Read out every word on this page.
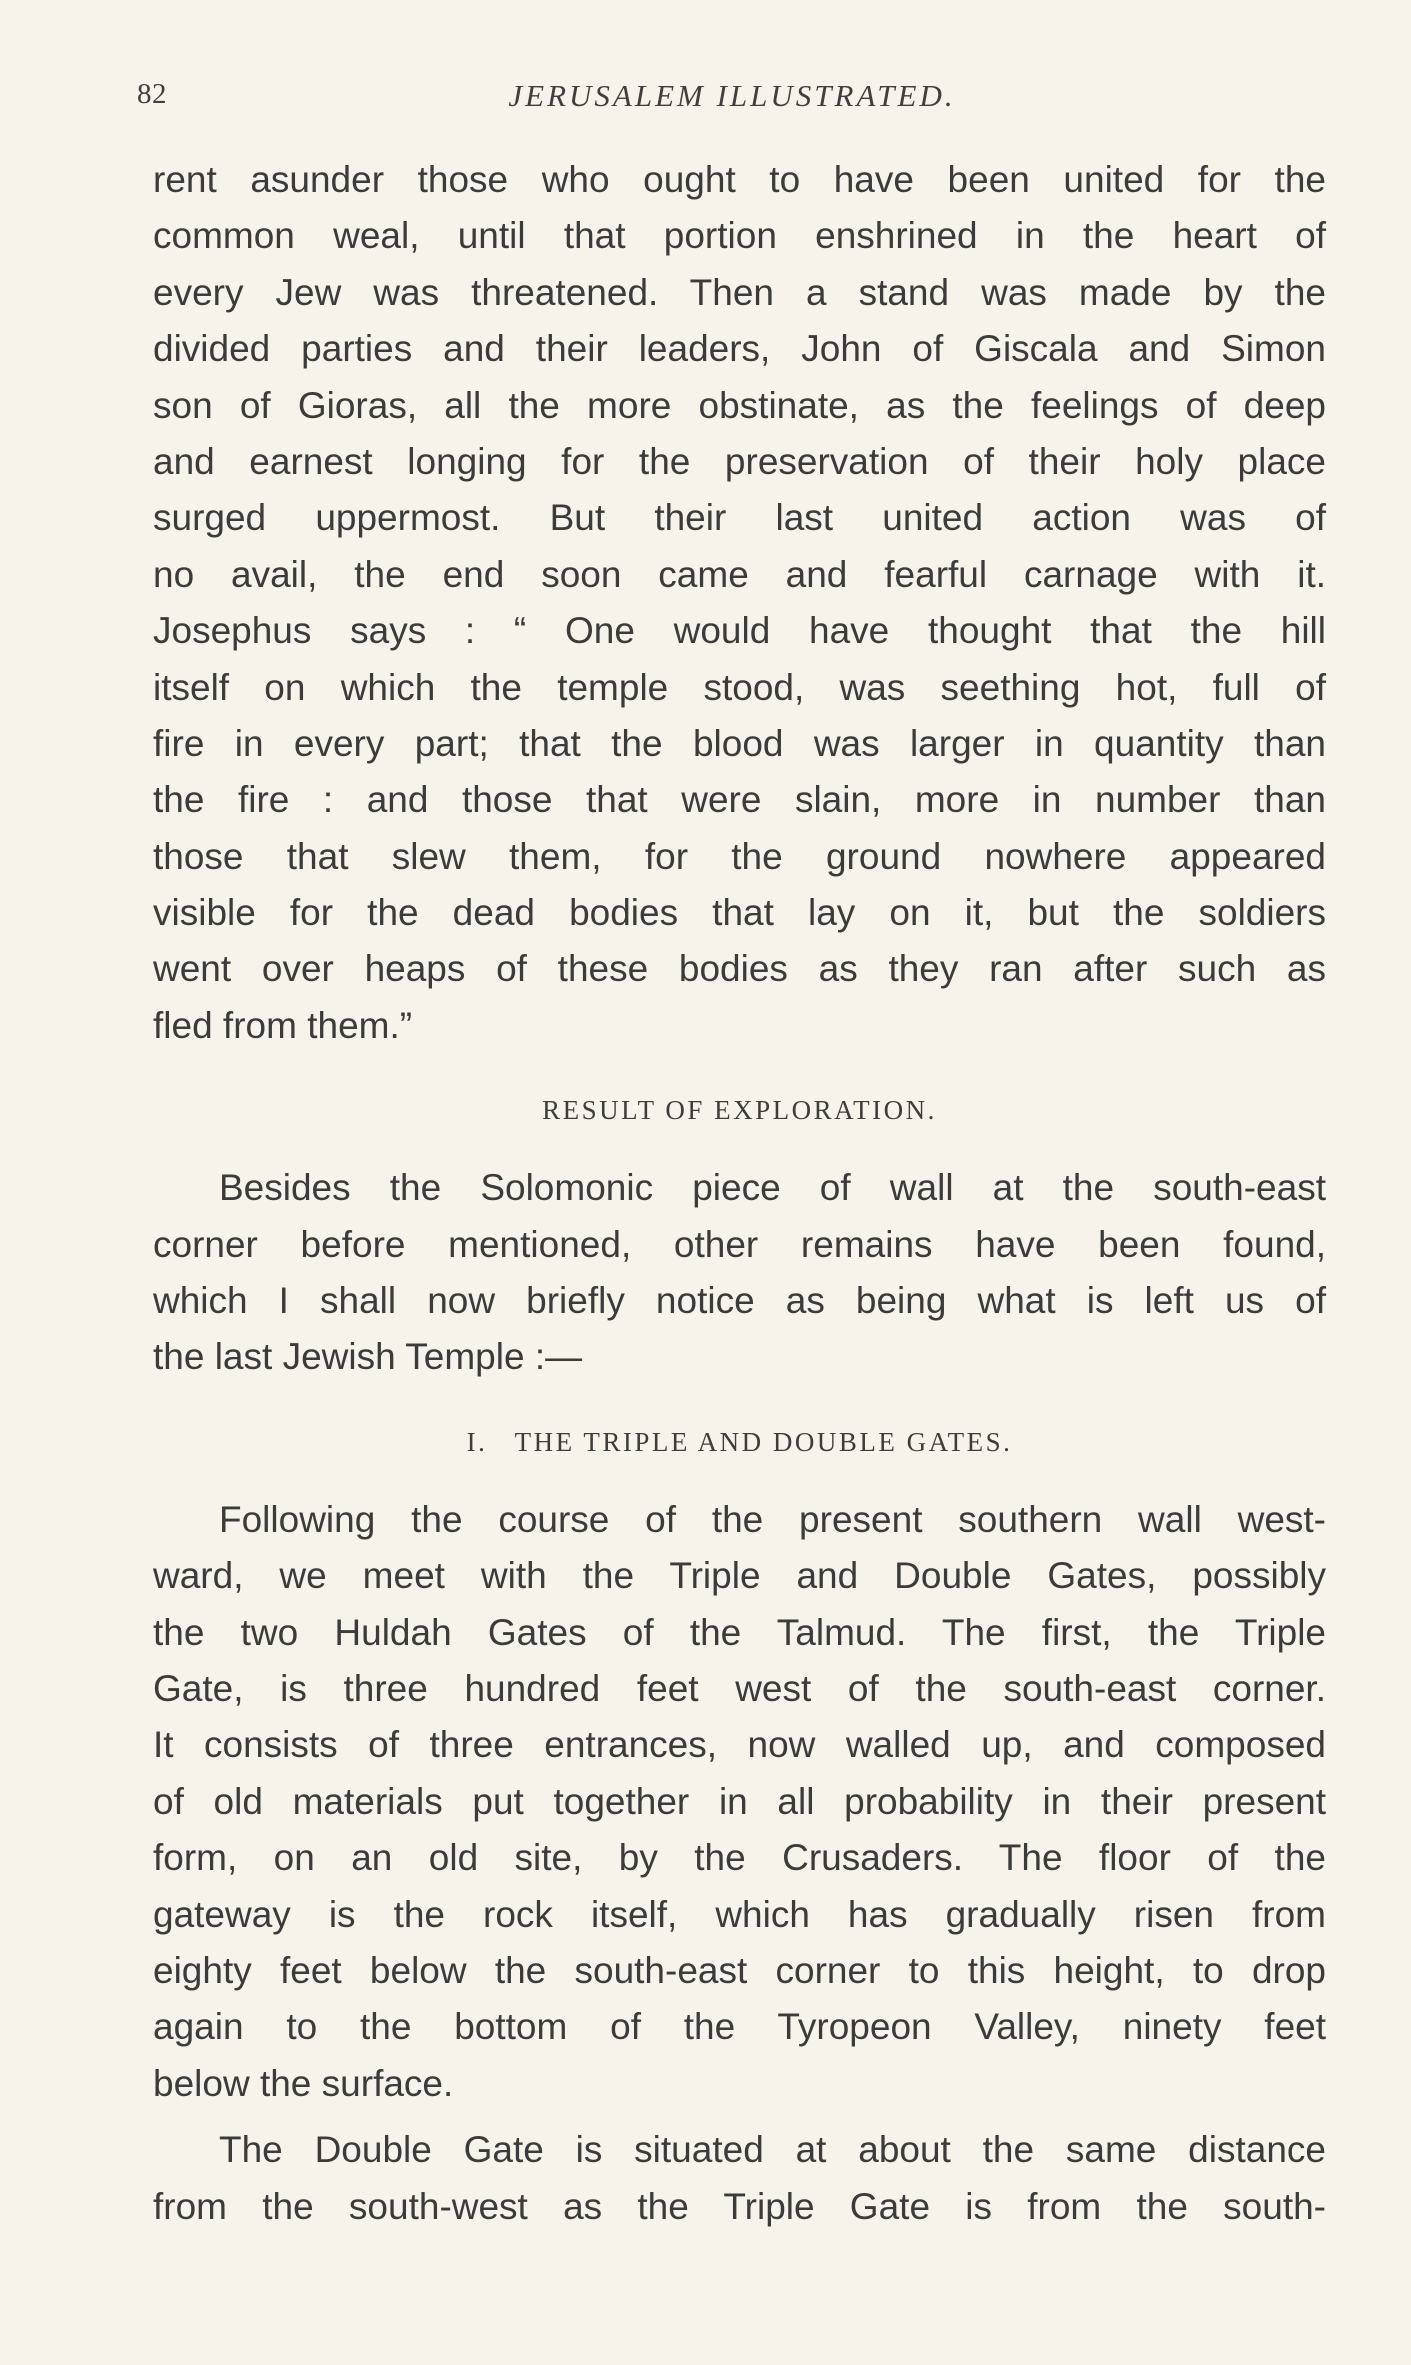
82	JERUSALEM ILLUSTRATED.
rent asunder those who ought to have been united for the
common weal, until that portion enshrined in the heart of
every Jew was threatened. Then a stand was made by the
divided parties and their leaders, John of Giscala and Simon
son of Gioras, all the more obstinate, as the feelings of deep
and earnest longing for the preservation of their holy place
surged uppermost. But their last united action was of
no avail, the end soon came and fearful carnage with it.
Josephus says : “ One would have thought that the hill
itself on which the temple stood, was seething hot, full of
fire in every part; that the blood was larger in quantity than
the fire : and those that were slain, more in number than
those that slew them, for the ground nowhere appeared
visible for the dead bodies that lay on it, but the soldiers
went over heaps of these bodies as they ran after such as
fled from them.”
RESULT OF EXPLORATION.
Besides the Solomonic piece of wall at the south-east
corner before mentioned, other remains have been found,
which I shall now briefly notice as being what is left us of
the last Jewish Temple :—
I.   THE TRIPLE AND DOUBLE GATES.
Following the course of the present southern wall west-
ward, we meet with the Triple and Double Gates, possibly
the two Huldah Gates of the Talmud. The first, the Triple
Gate, is three hundred feet west of the south-east corner.
It consists of three entrances, now walled up, and composed
of old materials put together in all probability in their present
form, on an old site, by the Crusaders. The floor of the
gateway is the rock itself, which has gradually risen from
eighty feet below the south-east corner to this height, to drop
again to the bottom of the Tyropeon Valley, ninety feet
below the surface.
The Double Gate is situated at about the same distance
from the south-west as the Triple Gate is from the south-
